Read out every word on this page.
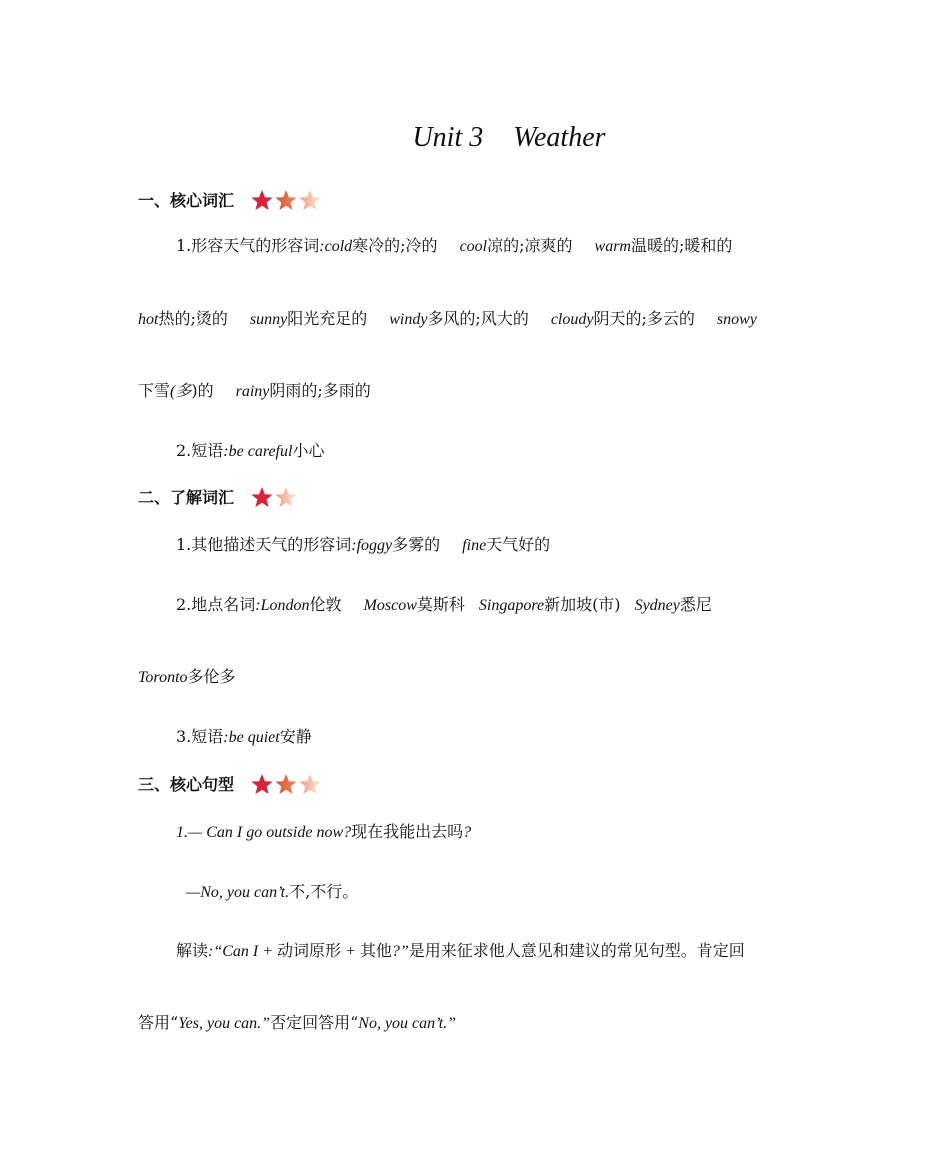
Unit 3 Weather
一、核心词汇
1.形容天气的形容词:cold寒冷的;冷的 cool凉的;凉爽的 warm温暖的;暖和的
hot热的;烫的 sunny阳光充足的 windy多风的;风大的 cloudy阴天的;多云的 snowy
下雪(多)的 rainy阴雨的;多雨的
2.短语:be careful小心
二、了解词汇
1.其他描述天气的形容词:foggy多雾的 fine天气好的
2.地点名词:London伦敦 Moscow莫斯科 Singapore新加坡(市) Sydney悉尼
Toronto多伦多
3.短语:be quiet安静
三、核心句型
1.— Can I go outside now?现在我能出去吗?
—No, you can’t.不,不行。
解读:“Can I + 动词原形 + 其他?”是用来征求他人意见和建议的常见句型。肯定回
答用“Yes, you can.”否定回答用“No, you can’t.”
